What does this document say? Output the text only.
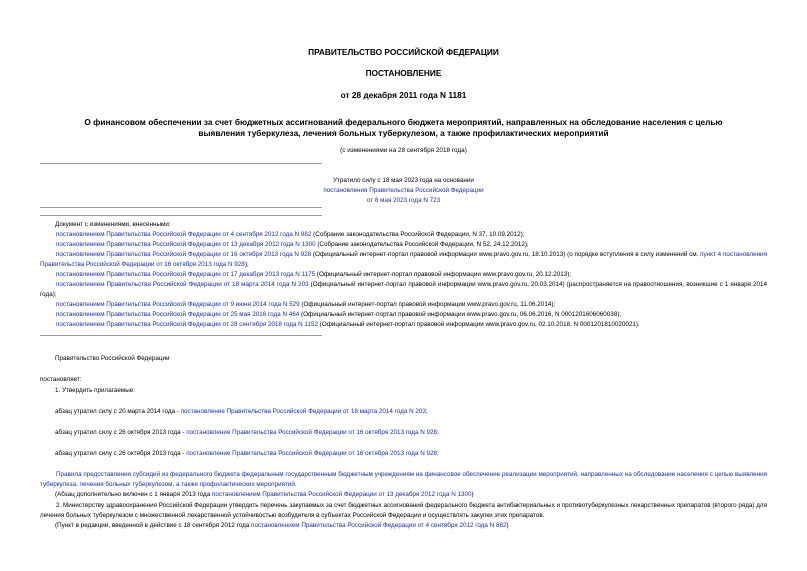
ПРАВИТЕЛЬСТВО РОССИЙСКОЙ ФЕДЕРАЦИИ
ПОСТАНОВЛЕНИЕ
от 28 декабря 2011 года N 1181
О финансовом обеспечении за счет бюджетных ассигнований федерального бюджета мероприятий, направленных на обследование населения с целью выявления туберкулеза, лечения больных туберкулезом, а также профилактических мероприятий
(с изменениями на 28 сентября 2018 года)
Утратило силу с 18 мая 2023 года на основании
постановления Правительства Российской Федерации
от 8 мая 2023 года N 723
Документ с изменениями, внесенными:
постановлением Правительства Российской Федерации от 4 сентября 2012 года N 882 (Собрание законодательства Российской Федерации, N 37, 10.09.2012);
постановлением Правительства Российской Федерации от 13 декабря 2012 года N 1300 (Собрание законодательства Российской Федерации, N 52, 24.12.2012);
постановлением Правительства Российской Федерации от 16 октября 2013 года N 928 (Официальный интернет-портал правовой информации www.pravo.gov.ru, 18.10.2013) (о порядке вступления в силу изменений см. пункт 4 постановления Правительства Российской Федерации от 16 октября 2013 года N 928);
постановлением Правительства Российской Федерации от 17 декабря 2013 года N 1175 (Официальный интернет-портал правовой информации www.pravo.gov.ru, 20.12.2013);
постановлением Правительства Российской Федерации от 18 марта 2014 года N 203 (Официальный интернет-портал правовой информации www.pravo.gov.ru, 20.03.2014) (распространяется на правоотношения, возникшие с 1 января 2014 года);
постановлением Правительства Российской Федерации от 9 июня 2014 года N 529 (Официальный интернет-портал правовой информации www.pravo.gov.ru, 11.06.2014);
постановлением Правительства Российской Федерации от 25 мая 2016 года N 464 (Официальный интернет-портал правовой информации www.pravo.gov.ru, 06.06.2016, N 0001201606060038);
постановлением Правительства Российской Федерации от 28 сентября 2018 года N 1152 (Официальный интернет-портал правовой информации www.pravo.gov.ru, 02.10.2018, N 0001201810020021).
Правительство Российской Федерации
постановляет:
1. Утвердить прилагаемые:
абзац утратил силу с 20 марта 2014 года - постановление Правительства Российской Федерации от 18 марта 2014 года N 203;
абзац утратил силу с 26 октября 2013 года - постановление Правительства Российской Федерации от 16 октября 2013 года N 928;
абзац утратил силу с 26 октября 2013 года - постановление Правительства Российской Федерации от 16 октября 2013 года N 928;
Правила предоставления субсидий из федерального бюджета федеральным государственным бюджетным учреждениям на финансовое обеспечение реализации мероприятий, направленных на обследование населения с целью выявления туберкулеза, лечения больных туберкулезом, а также профилактических мероприятий.
(Абзац дополнительно включен с 1 января 2013 года постановлением Правительства Российской Федерации от 13 декабря 2012 года N 1300)
2. Министерству здравоохранения Российской Федерации утвердить перечень закупаемых за счет бюджетных ассигнований федерального бюджета антибактериальных и противотуберкулезных лекарственных препаратов (второго ряда) для лечения больных туберкулезом с множественной лекарственной устойчивостью возбудителя в субъектах Российской Федерации и осуществлять закупки этих препаратов.
(Пункт в редакции, введенной в действие с 18 сентября 2012 года постановлением Правительства Российской Федерации от 4 сентября 2012 года N 882)
